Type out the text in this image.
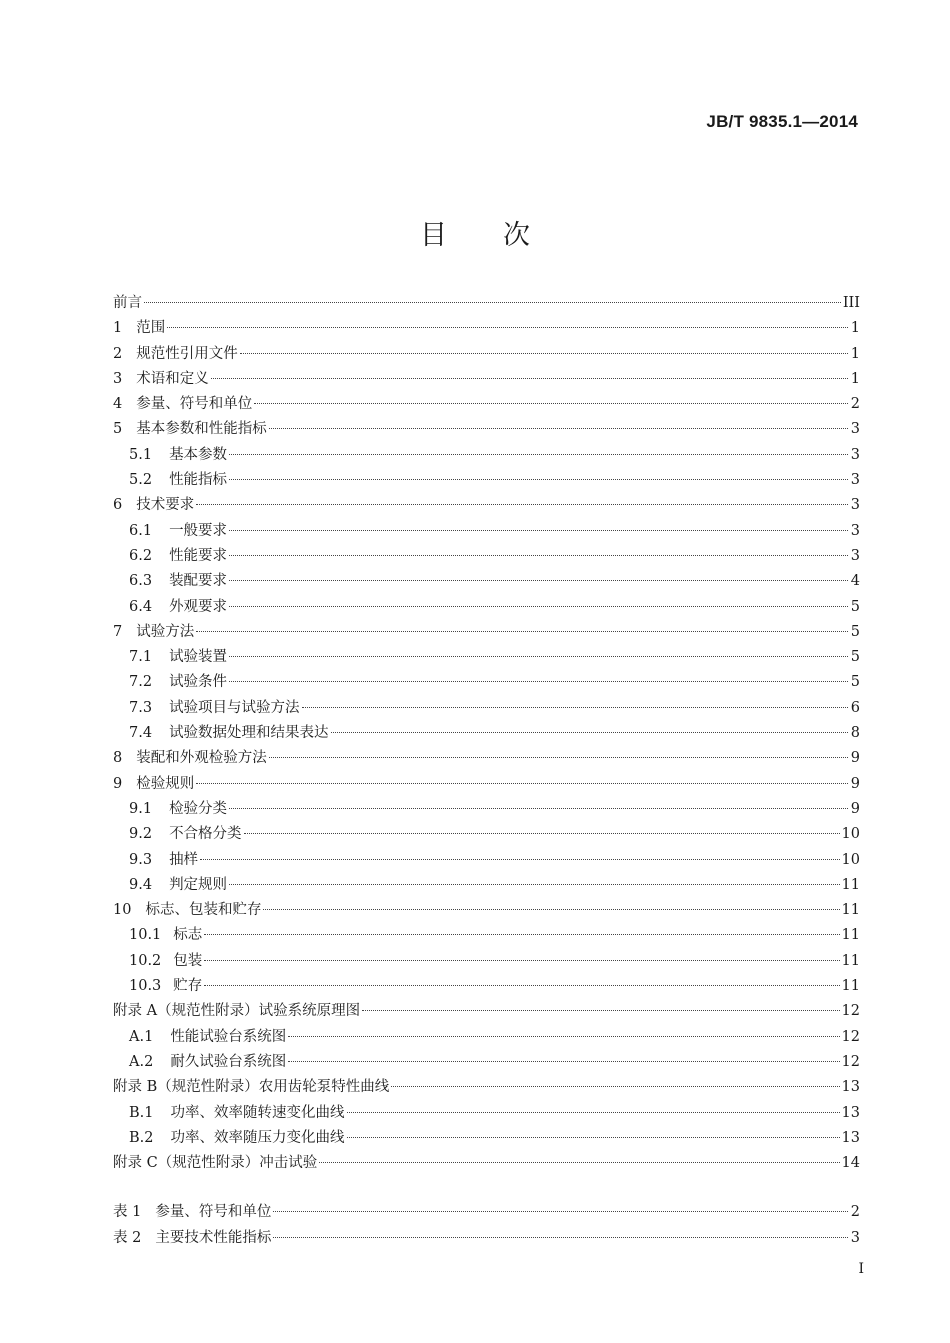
JB/T 9835.1—2014
目次
前言	III
1 范围	1
2 规范性引用文件	1
3 术语和定义	1
4 参量、符号和单位	2
5 基本参数和性能指标	3
5.1 基本参数	3
5.2 性能指标	3
6 技术要求	3
6.1 一般要求	3
6.2 性能要求	3
6.3 装配要求	4
6.4 外观要求	5
7 试验方法	5
7.1 试验装置	5
7.2 试验条件	5
7.3 试验项目与试验方法	6
7.4 试验数据处理和结果表达	8
8 装配和外观检验方法	9
9 检验规则	9
9.1 检验分类	9
9.2 不合格分类	10
9.3 抽样	10
9.4 判定规则	11
10 标志、包装和贮存	11
10.1 标志	11
10.2 包装	11
10.3 贮存	11
附录 A（规范性附录）试验系统原理图	12
A.1 性能试验台系统图	12
A.2 耐久试验台系统图	12
附录 B（规范性附录）农用齿轮泵特性曲线	13
B.1 功率、效率随转速变化曲线	13
B.2 功率、效率随压力变化曲线	13
附录 C（规范性附录）冲击试验	14
表 1 参量、符号和单位	2
表 2 主要技术性能指标	3
I
